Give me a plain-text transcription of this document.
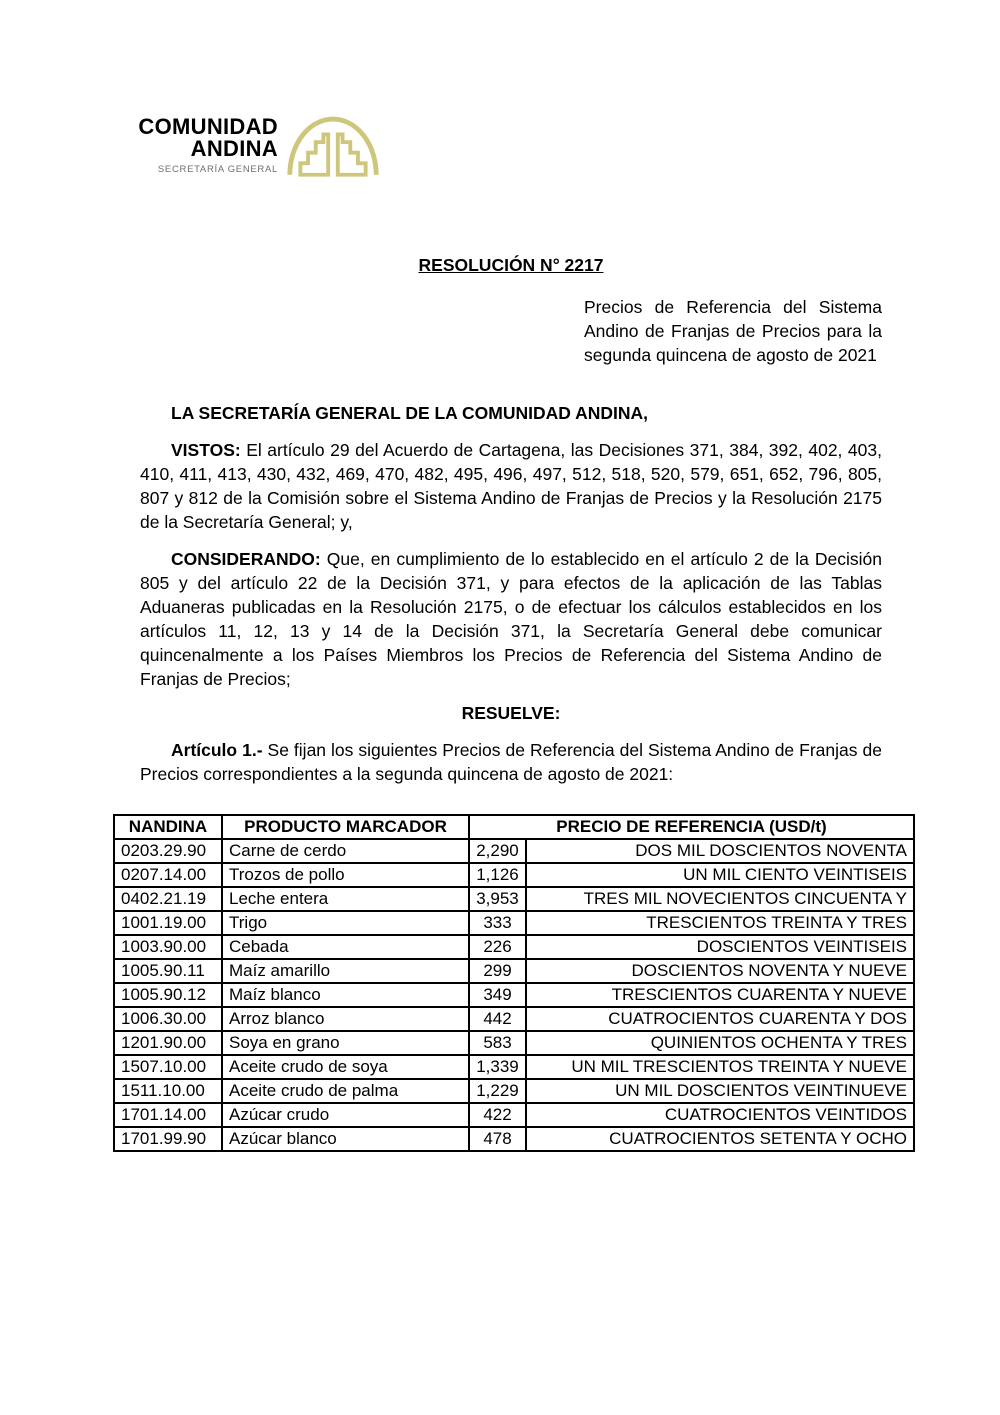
COMUNIDAD
ANDINA
SECRETARÍA GENERAL
RESOLUCIÓN N° 2217

Precios de Referencia del Sistema Andino de Franjas de Precios para la segunda quincena de agosto de 2021

LA SECRETARÍA GENERAL DE LA COMUNIDAD ANDINA,

VISTOS: El artículo 29 del Acuerdo de Cartagena, las Decisiones 371, 384, 392, 402, 403, 410, 411, 413, 430, 432, 469, 470, 482, 495, 496, 497, 512, 518, 520, 579, 651, 652, 796, 805, 807 y 812 de la Comisión sobre el Sistema Andino de Franjas de Precios y la Resolución 2175 de la Secretaría General; y,

CONSIDERANDO: Que, en cumplimiento de lo establecido en el artículo 2 de la Decisión 805 y del artículo 22 de la Decisión 371, y para efectos de la aplicación de las Tablas Aduaneras publicadas en la Resolución 2175, o de efectuar los cálculos establecidos en los artículos 11, 12, 13 y 14 de la Decisión 371, la Secretaría General debe comunicar quincenalmente a los Países Miembros los Precios de Referencia del Sistema Andino de Franjas de Precios;

RESUELVE:

Artículo 1.- Se fijan los siguientes Precios de Referencia del Sistema Andino de Franjas de Precios correspondientes a la segunda quincena de agosto de 2021:

NANDINA	PRODUCTO MARCADOR	PRECIO DE REFERENCIA (USD/t)	
0203.29.90	Carne de cerdo	2,290	DOS MIL DOSCIENTOS NOVENTA
0207.14.00	Trozos de pollo	1,126	UN MIL CIENTO VEINTISEIS
0402.21.19	Leche entera	3,953	TRES MIL NOVECIENTOS CINCUENTA Y
1001.19.00	Trigo	333	TRESCIENTOS TREINTA Y TRES
1003.90.00	Cebada	226	DOSCIENTOS VEINTISEIS
1005.90.11	Maíz amarillo	299	DOSCIENTOS NOVENTA Y NUEVE
1005.90.12	Maíz blanco	349	TRESCIENTOS CUARENTA Y NUEVE
1006.30.00	Arroz blanco	442	CUATROCIENTOS CUARENTA Y DOS
1201.90.00	Soya en grano	583	QUINIENTOS OCHENTA Y TRES
1507.10.00	Aceite crudo de soya	1,339	UN MIL TRESCIENTOS TREINTA Y NUEVE
1511.10.00	Aceite crudo de palma	1,229	UN MIL DOSCIENTOS VEINTINUEVE
1701.14.00	Azúcar crudo	422	CUATROCIENTOS VEINTIDOS
1701.99.90	Azúcar blanco	478	CUATROCIENTOS SETENTA Y OCHO
